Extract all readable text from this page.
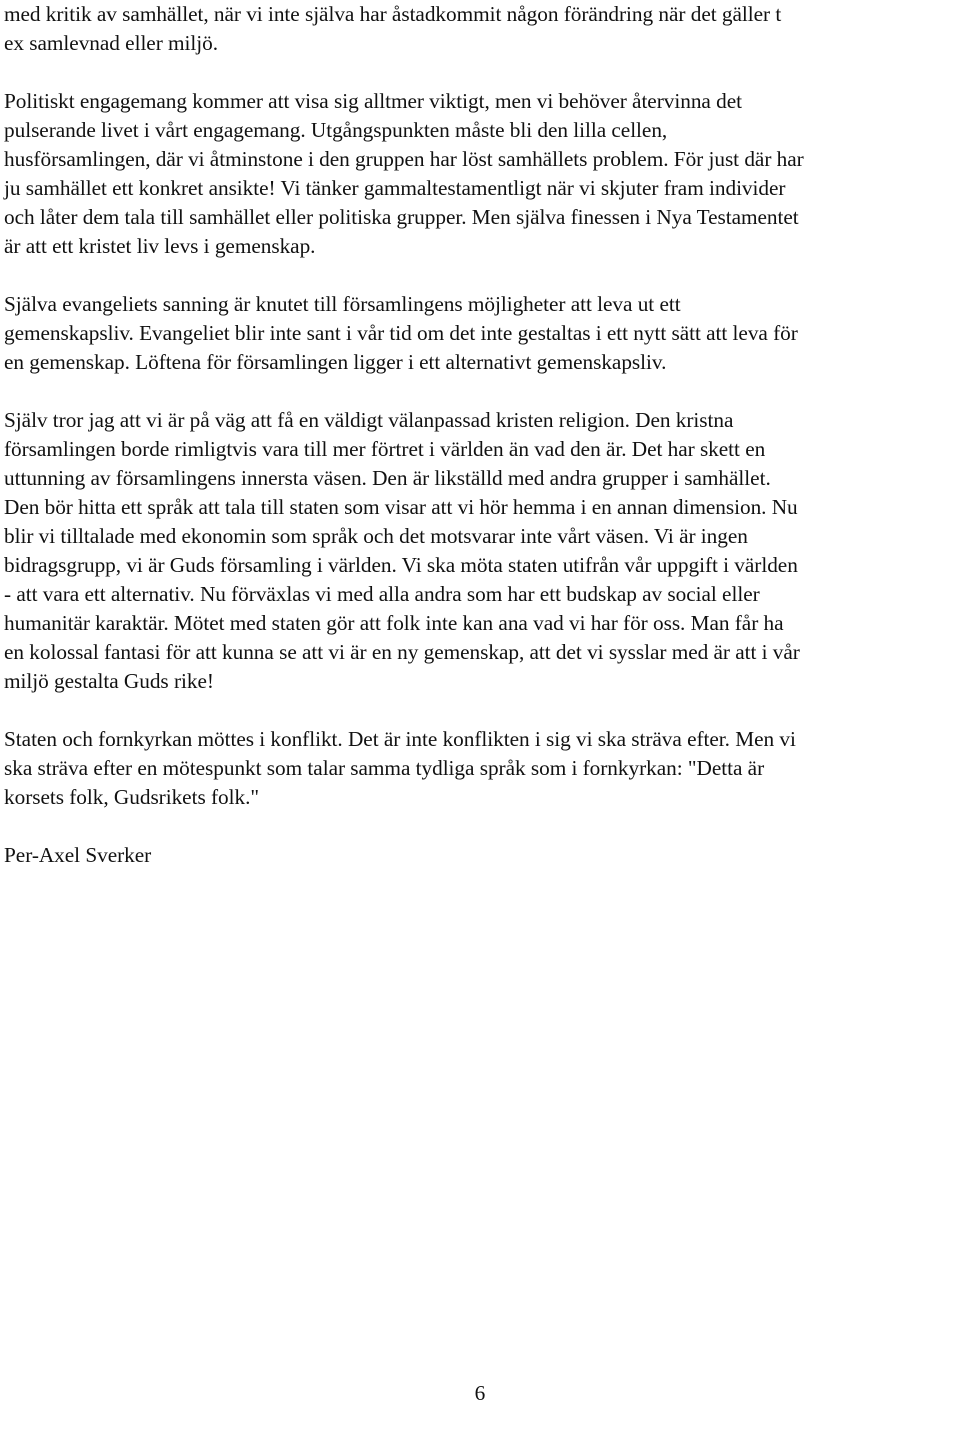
med kritik av samhället, när vi inte själva har åstadkommit någon förändring när det gäller t
ex samlevnad eller miljö.
Politiskt engagemang kommer att visa sig alltmer viktigt, men vi behöver återvinna det
pulserande livet i vårt engagemang. Utgångspunkten måste bli den lilla cellen,
husförsamlingen, där vi åtminstone i den gruppen har löst samhällets problem. För just där har
ju samhället ett konkret ansikte! Vi tänker gammaltestamentligt när vi skjuter fram individer
och låter dem tala till samhället eller politiska grupper. Men själva finessen i Nya Testamentet
är att ett kristet liv levs i gemenskap.
Själva evangeliets sanning är knutet till församlingens möjligheter att leva ut ett
gemenskapsliv. Evangeliet blir inte sant i vår tid om det inte gestaltas i ett nytt sätt att leva för
en gemenskap. Löftena för församlingen ligger i ett alternativt gemenskapsliv.
Själv tror jag att vi är på väg att få en väldigt välanpassad kristen religion. Den kristna
församlingen borde rimligtvis vara till mer förtret i världen än vad den är. Det har skett en
uttunning av församlingens innersta väsen. Den är likställd med andra grupper i samhället.
Den bör hitta ett språk att tala till staten som visar att vi hör hemma i en annan dimension. Nu
blir vi tilltalade med ekonomin som språk och det motsvarar inte vårt väsen. Vi är ingen
bidragsgrupp, vi är Guds församling i världen. Vi ska möta staten utifrån vår uppgift i världen
- att vara ett alternativ. Nu förväxlas vi med alla andra som har ett budskap av social eller
humanitär karaktär. Mötet med staten gör att folk inte kan ana vad vi har för oss. Man får ha
en kolossal fantasi för att kunna se att vi är en ny gemenskap, att det vi sysslar med är att i vår
miljö gestalta Guds rike!
Staten och fornkyrkan möttes i konflikt. Det är inte konflikten i sig vi ska sträva efter. Men vi
ska sträva efter en mötespunkt som talar samma tydliga språk som i fornkyrkan: "Detta är
korsets folk, Gudsrikets folk."
Per-Axel Sverker
6
